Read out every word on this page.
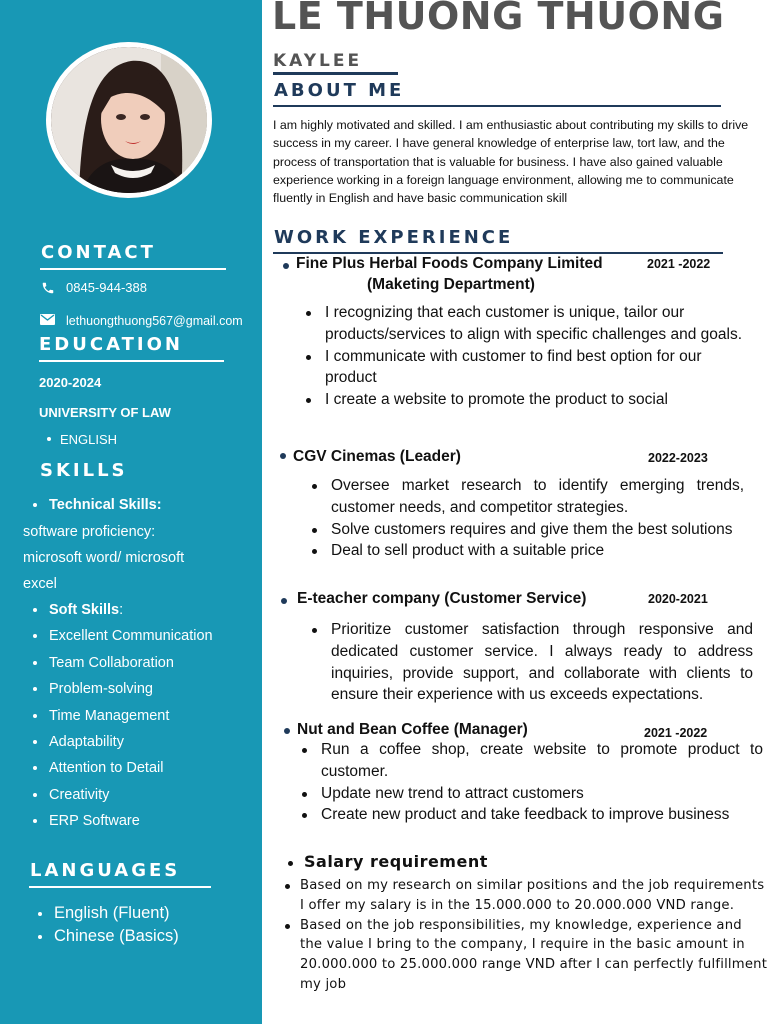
CONTACT

0845-944-388

lethuongthuong567@gmail.com

EDUCATION

2020-2024

UNIVERSITY OF LAW

ENGLISH

SKILLS
Technical Skills:

software proficiency:

microsoft word/ microsoft

excel

Soft Skills:
Excellent Communication
Team Collaboration
Problem-solving
Time Management
Adaptability
Attention to Detail
Creativity
ERP Software
LANGUAGES
English (Fluent)
Chinese (Basics)
LE THUONG THUONG

KAYLEE

ABOUT ME

I am highly motivated and skilled. I am enthusiastic about contributing my skills to drive success in my career. I have general knowledge of enterprise law, tort law, and the process of transportation that is valuable for business. I have also gained valuable experience working in a foreign language environment, allowing me to communicate fluently in English and have basic communication skill

WORK EXPERIENCE

Fine Plus Herbal Foods Company Limited	2021 -2022

(Maketing Department)

I recognizing that each customer is unique, tailor our products/services to align with specific challenges and goals.
I communicate with customer to find best option for our product
I create a website to promote the product to social

CGV Cinemas (Leader)	2022-2023

Oversee market research to identify emerging trends, customer needs, and competitor strategies.
Solve customers requires and give them the best solutions
Deal to sell product with a suitable price

E-teacher company (Customer Service)	2020-2021

Prioritize customer satisfaction through responsive and dedicated customer service. I always ready to address inquiries, provide support, and collaborate with clients to ensure their experience with us exceeds expectations.

Nut and Bean Coffee (Manager)	2021 -2022

Run a coffee shop, create website to promote product to customer.
Update new trend to attract customers
Create new product and take feedback to improve business

Salary requirement

Based on my research on similar positions and the job requirements I offer my salary is in the 15.000.000 to 20.000.000 VND range.
Based on the job responsibilities, my knowledge, experience and the value I bring to the company, I require in the basic amount in 20.000.000 to 25.000.000 range VND after I can perfectly fulfillment my job
